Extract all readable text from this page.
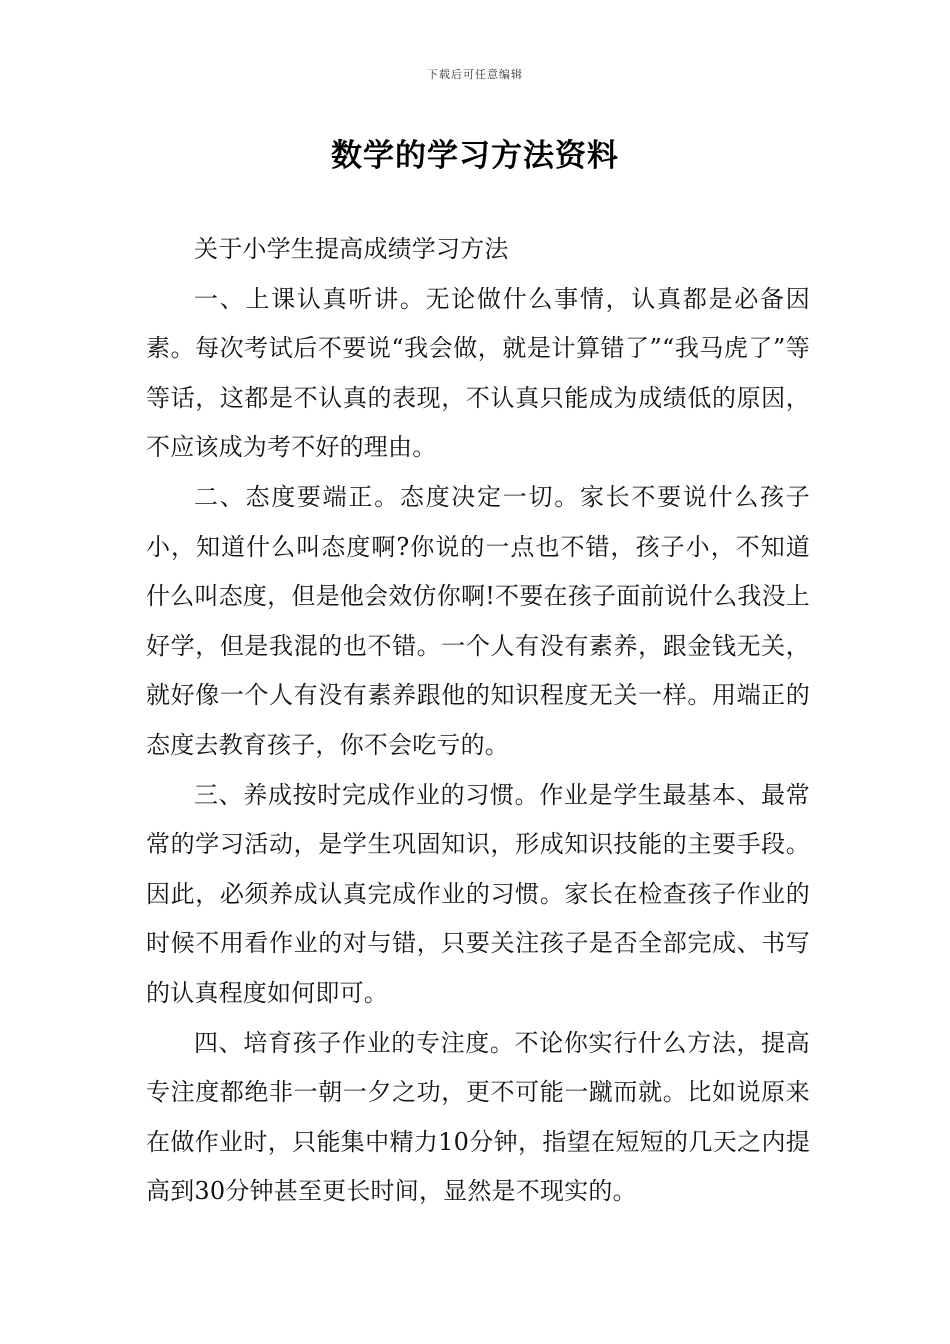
下载后可任意编辑
数学的学习方法资料

关于小学生提高成绩学习方法

一、上课认真听讲。无论做什么事情，认真都是必备因素。每次考试后不要说“我会做，就是计算错了”“我马虎了”等等话，这都是不认真的表现，不认真只能成为成绩低的原因，不应该成为考不好的理由。

二、态度要端正。态度决定一切。家长不要说什么孩子小，知道什么叫态度啊?你说的一点也不错，孩子小，不知道什么叫态度，但是他会效仿你啊!不要在孩子面前说什么我没上好学，但是我混的也不错。一个人有没有素养，跟金钱无关，就好像一个人有没有素养跟他的知识程度无关一样。用端正的态度去教育孩子，你不会吃亏的。

三、养成按时完成作业的习惯。作业是学生最基本、最常常的学习活动，是学生巩固知识，形成知识技能的主要手段。因此，必须养成认真完成作业的习惯。家长在检查孩子作业的时候不用看作业的对与错，只要关注孩子是否全部完成、书写的认真程度如何即可。

四、培育孩子作业的专注度。不论你实行什么方法，提高专注度都绝非一朝一夕之功，更不可能一蹴而就。比如说原来在做作业时，只能集中精力10分钟，指望在短短的几天之内提高到30分钟甚至更长时间，显然是不现实的。
